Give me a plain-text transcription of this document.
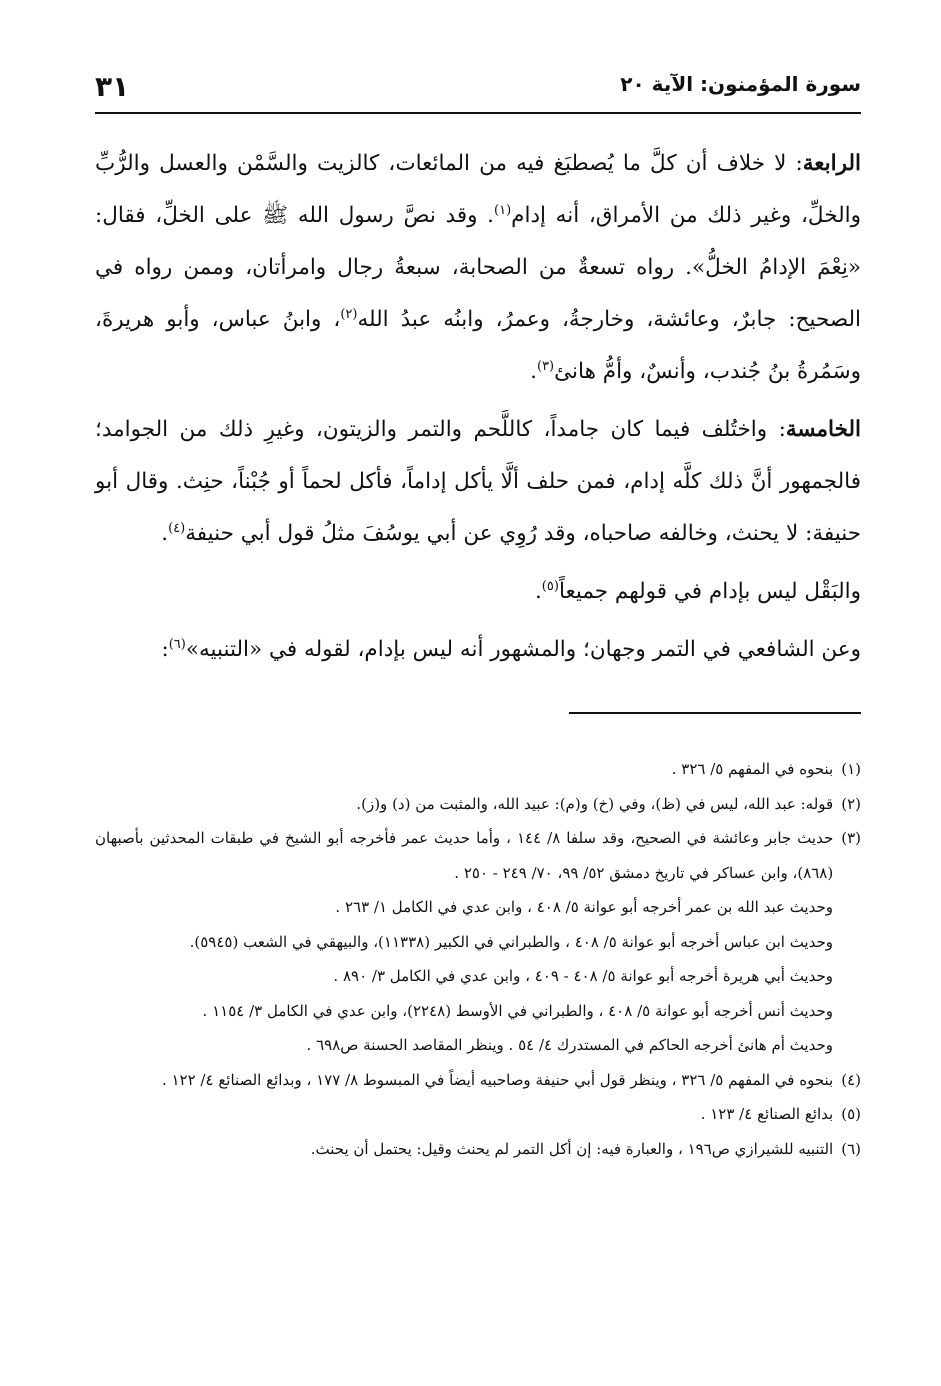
سورة المؤمنون: الآية ٢٠
٣١

الرابعة: لا خلاف أن كلَّ ما يُصطبَغ فيه من المائعات، كالزيت والسَّمْن والعسل والرُّبِّ والخلِّ، وغير ذلك من الأمراق، أنه إدام$^{(١)}$. وقد نصَّ رسول الله ﷺ على الخلِّ، فقال: «نِعْمَ الإدامُ الخلُّ». رواه تسعةٌ من الصحابة، سبعةُ رجال وامرأتان، وممن رواه في الصحيح: جابرٌ، وعائشة، وخارجةُ، وعمرُ، وابنُه عبدُ الله$^{(٢)}$، وابنُ عباس، وأبو هريرةَ، وسَمُرةُ بنُ جُندب، وأنسٌ، وأمُّ هانئ$^{(٣)}$.

الخامسة: واختُلف فيما كان جامداً، كاللَّحم والتمر والزيتون، وغيرِ ذلك من الجوامد؛ فالجمهور أنَّ ذلك كلَّه إدام، فمن حلف ألَّا يأكل إداماً، فأكل لحماً أو جُبْناً، حنِث. وقال أبو حنيفة: لا يحنث، وخالفه صاحباه، وقد رُوِي عن أبي يوسُفَ مثلُ قول أبي حنيفة$^{(٤)}$.

والبَقْل ليس بإدام في قولهم جميعاً$^{(٥)}$.

وعن الشافعي في التمر وجهان؛ والمشهور أنه ليس بإدام، لقوله في «التنبيه»$^{(٦)}$:

(١)
بنحوه في المفهم ٥/ ٣٢٦ .
(٢)
قوله: عبد الله، ليس في (ظ)، وفي (خ) و(م): عبيد الله، والمثبت من (د) و(ز).
(٣)
حديث جابر وعائشة في الصحيح، وقد سلفا ٨/ ١٤٤ ، وأما حديث عمر فأخرجه أبو الشيخ في طبقات المحدثين بأصبهان (٨٦٨)، وابن عساكر في تاريخ دمشق ٥٢/ ٩٩، ٧٠/ ٢٤٩ - ٢٥٠ .
وحديث عبد الله بن عمر أخرجه أبو عوانة ٥/ ٤٠٨ ، وابن عدي في الكامل ١/ ٢٦٣ .
وحديث ابن عباس أخرجه أبو عوانة ٥/ ٤٠٨ ، والطبراني في الكبير (١١٣٣٨)، والبيهقي في الشعب (٥٩٤٥).
وحديث أبي هريرة أخرجه أبو عوانة ٥/ ٤٠٨ - ٤٠٩ ، وابن عدي في الكامل ٣/ ٨٩٠ .
وحديث أنس أخرجه أبو عوانة ٥/ ٤٠٨ ، والطبراني في الأوسط (٢٢٤٨)، وابن عدي في الكامل ٣/ ١١٥٤ .
وحديث أم هانئ أخرجه الحاكم في المستدرك ٤/ ٥٤ . وينظر المقاصد الحسنة ص٦٩٨ .
(٤)
بنحوه في المفهم ٥/ ٣٢٦ ، وينظر قول أبي حنيفة وصاحبيه أيضاً في المبسوط ٨/ ١٧٧ ، وبدائع الصنائع ٤/ ١٢٢ .
(٥)
بدائع الصنائع ٤/ ١٢٣ .
(٦)
التنبيه للشيرازي ص١٩٦ ، والعبارة فيه: إن أكل التمر لم يحنث وقيل: يحتمل أن يحنث.
